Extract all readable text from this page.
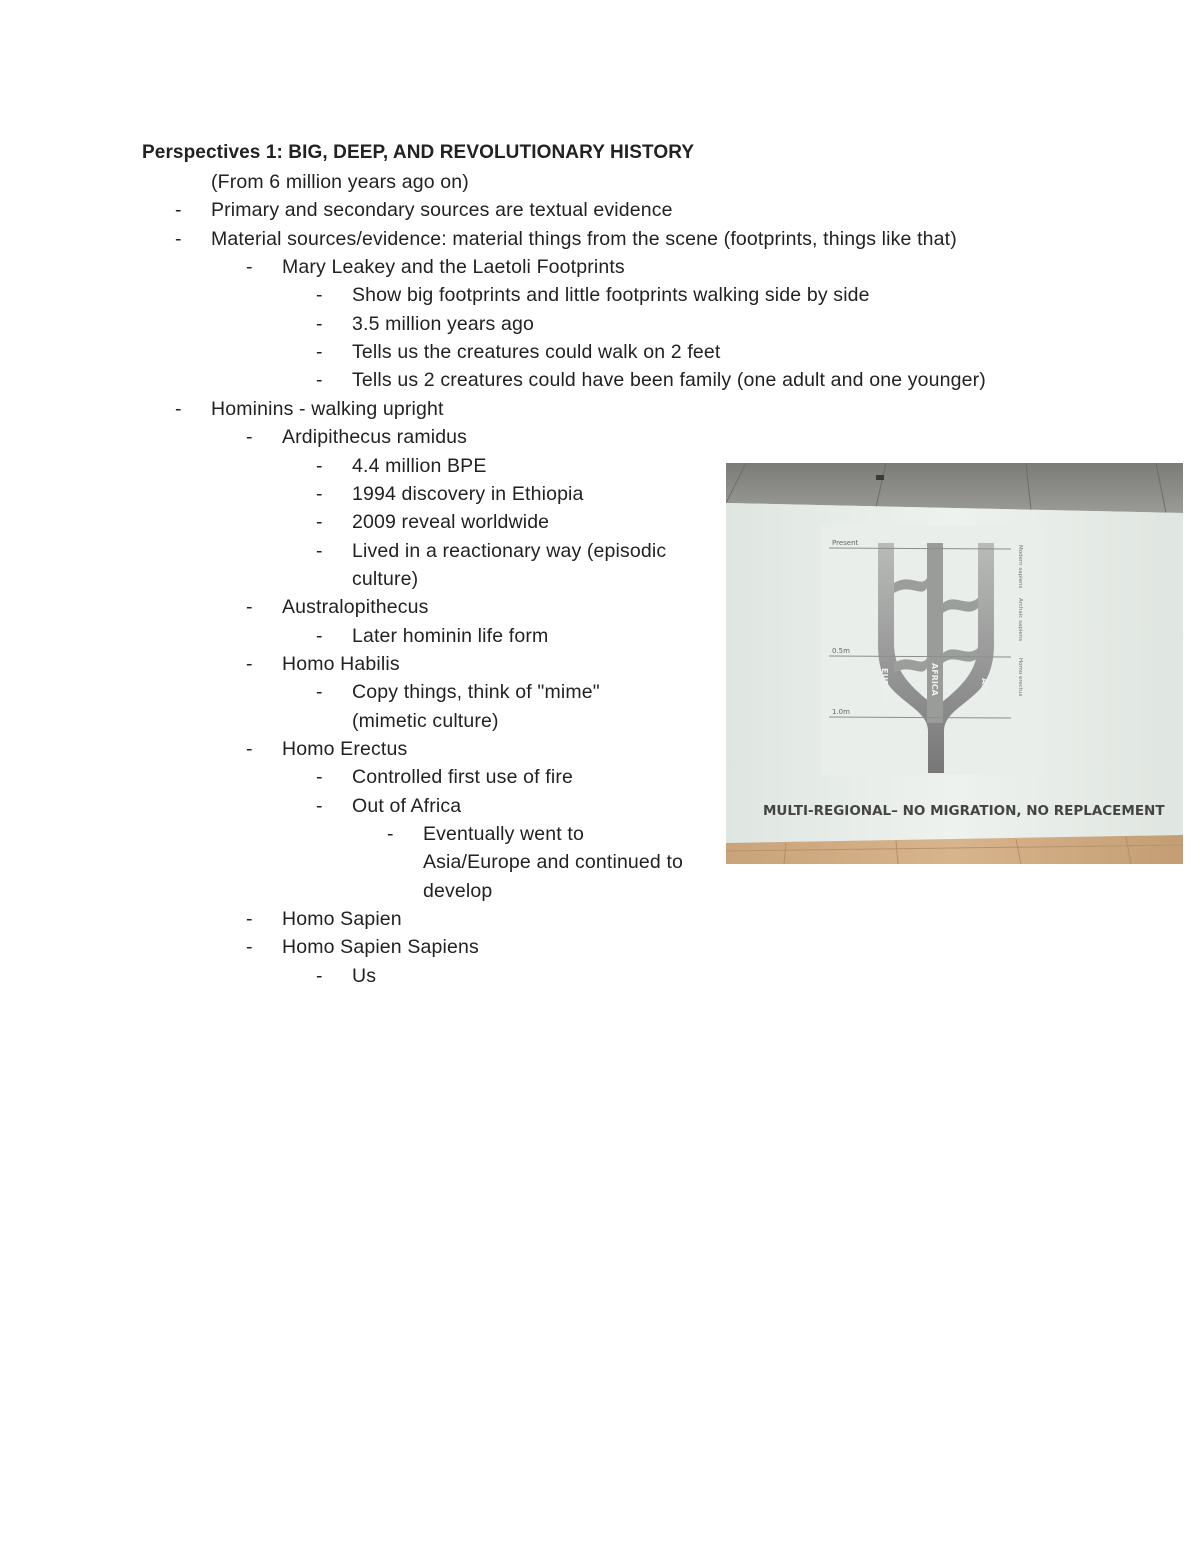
Perspectives 1: BIG, DEEP, AND REVOLUTIONARY HISTORY
(From 6 million years ago on)
- Primary and secondary sources are textual evidence
- Material sources/evidence: material things from the scene (footprints, things like that)
- Mary Leakey and the Laetoli Footprints
- Show big footprints and little footprints walking side by side
- 3.5 million years ago
- Tells us the creatures could walk on 2 feet
- Tells us 2 creatures could have been family (one adult and one younger)
- Hominins - walking upright
- Ardipithecus ramidus
- 4.4 million BPE
- 1994 discovery in Ethiopia
- 2009 reveal worldwide
- Lived in a reactionary way (episodic
culture)
- Australopithecus
- Later hominin life form
- Homo Habilis
- Copy things, think of "mime"
(mimetic culture)
- Homo Erectus
- Controlled first use of fire
- Out of Africa
- Eventually went to
Asia/Europe and continued to
develop
- Homo Sapien
- Homo Sapien Sapiens
- Us
Present
0.5m
1.0m
EUROPE	AFRICA	ASIA
Modern sapiens
Archaic sapiens
Homo erectus
MULTI-REGIONAL– NO MIGRATION, NO REPLACEMENT
